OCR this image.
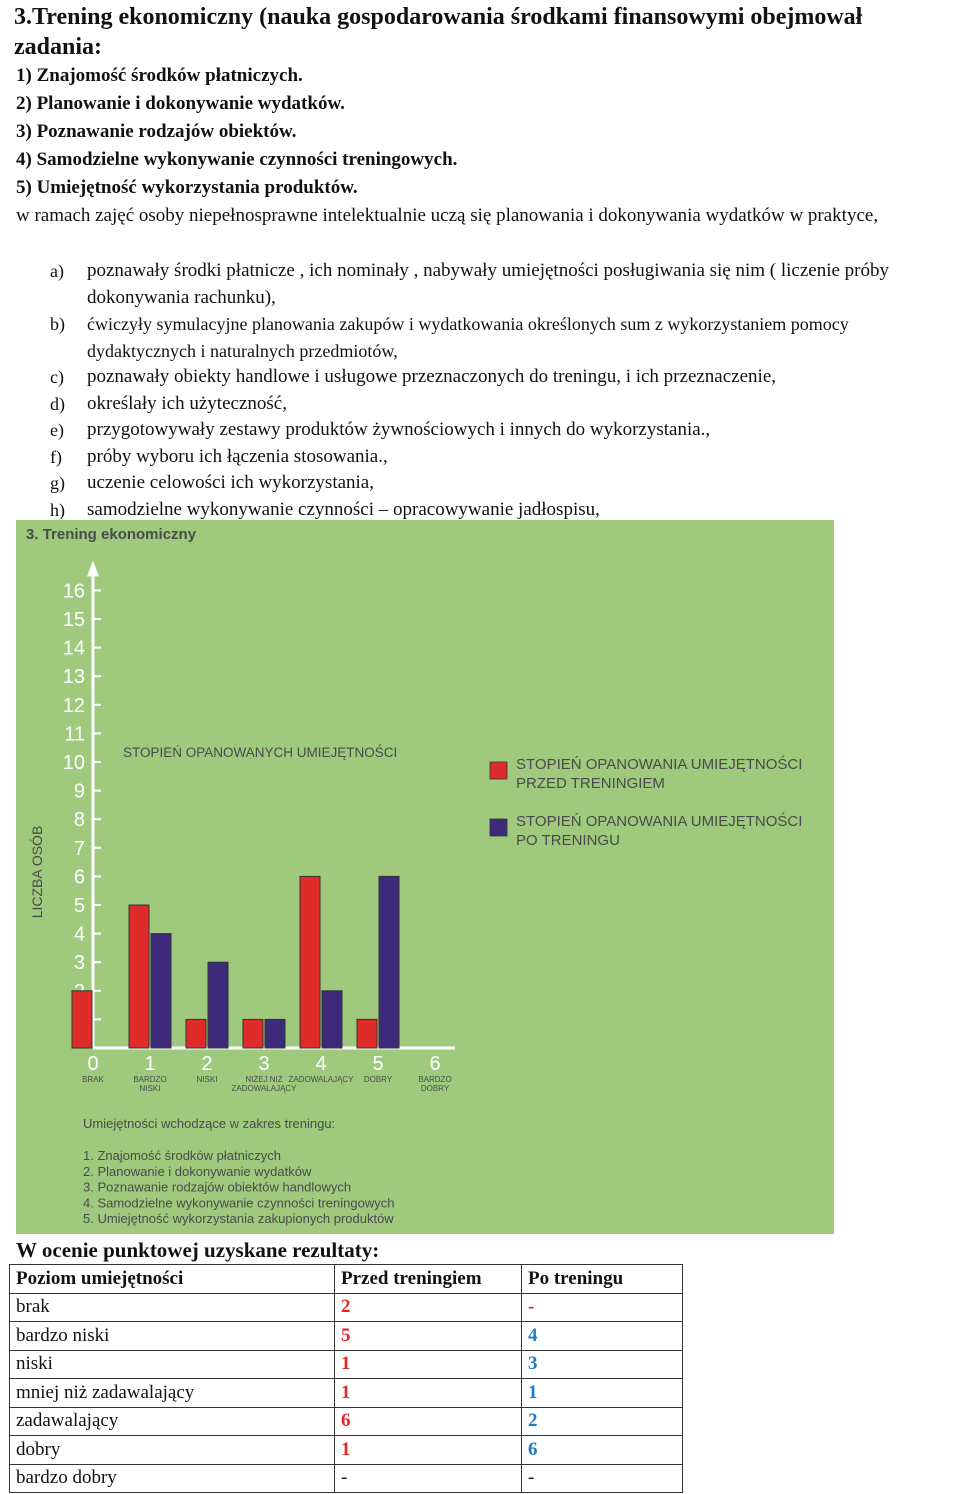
3.Trening ekonomiczny (nauka gospodarowania środkami finansowymi obejmował zadania:
1) Znajomość środków płatniczych.
2) Planowanie i dokonywanie wydatków.
3) Poznawanie rodzajów obiektów.
4) Samodzielne wykonywanie czynności treningowych.
5) Umiejętność wykorzystania produktów.
w ramach zajęć osoby niepełnosprawne intelektualnie uczą się planowania i dokonywania wydatków w praktyce,
a)	poznawały środki płatnicze , ich nominały , nabywały umiejętności posługiwania się nim ( liczenie próby dokonywania rachunku),
b)	ćwiczyły symulacyjne planowania zakupów i wydatkowania określonych sum z wykorzystaniem pomocy dydaktycznych i naturalnych przedmiotów,
c)	poznawały obiekty handlowe i usługowe przeznaczonych do treningu, i ich przeznaczenie,
d)	określały ich użyteczność,
e)	przygotowywały zestawy produktów żywnościowych i innych do wykorzystania.,
f)	próby wyboru ich łączenia stosowania.,
g)	uczenie celowości ich wykorzystania,
h)	samodzielne wykonywanie czynności – opracowywanie jadłospisu,
3. Trening ekonomiczny
STOPIEŃ OPANOWANYCH UMIEJĘTNOŚCI
LICZBA OSÓB
3
4
5
6
7
8
9
10
11
12
13
14
15
16
0
BRAK
1
BARDZO
NISKI
2
NISKI
3
NIŻEJ NIŻ
ZADOWALAJĄCY
4
ZADOWALAJĄCY
5
DOBRY
6
BARDZO
DOBRY
STOPIEŃ OPANOWANIA UMIEJĘTNOŚCI
PRZED TRENINGIEM
STOPIEŃ OPANOWANIA UMIEJĘTNOŚCI
PO TRENINGU
Umiejętności wchodzące w zakres treningu:
1. Znajomość środków płatniczych
2. Planowanie i dokonywanie wydatków
3. Poznawanie rodzajów obiektów handlowych
4. Samodzielne wykonywanie czynności treningowych
5. Umiejętność wykorzystania zakupionych produktów
W ocenie punktowej uzyskane rezultaty:
Poziom umiejętności	Przed treningiem	Po treningu
brak	2	-
bardzo niski	5	4
niski	1	3
mniej niż zadawalający	1	1
zadawalający	6	2
dobry	1	6
bardzo dobry	-	-
